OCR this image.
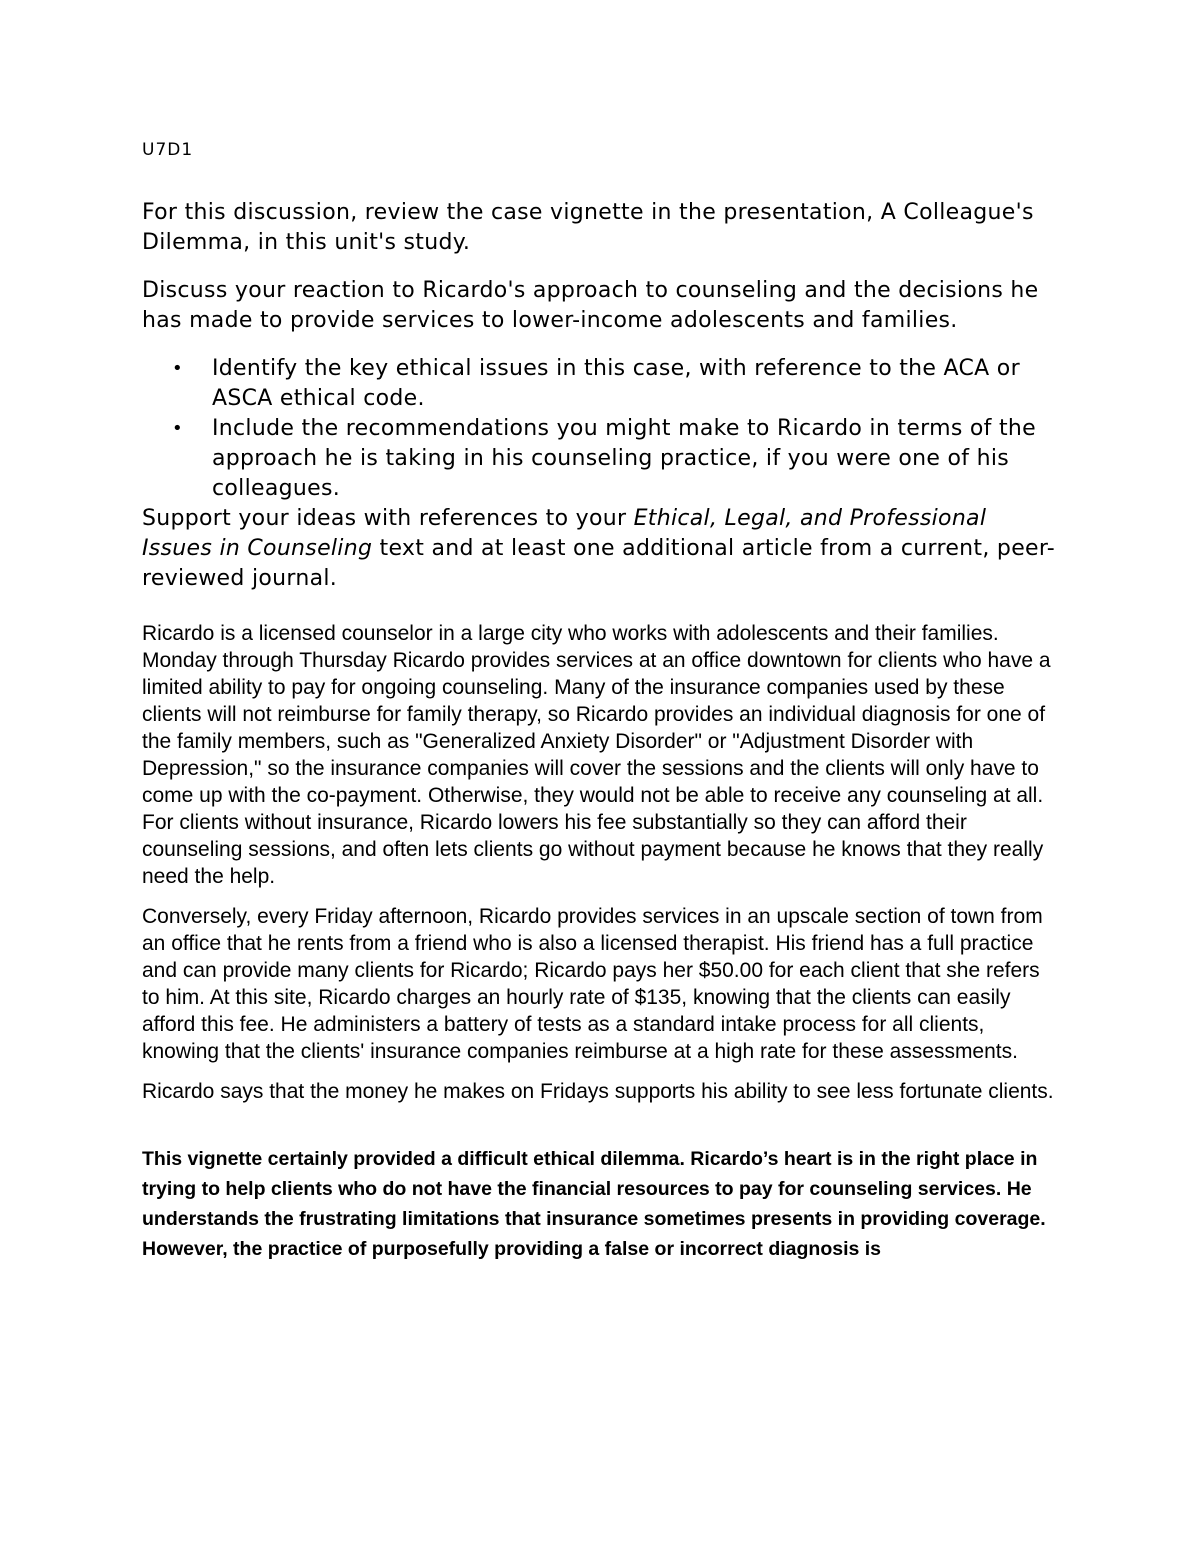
U7D1

For this discussion, review the case vignette in the presentation, A Colleague's Dilemma, in this unit's study.

Discuss your reaction to Ricardo's approach to counseling and the decisions he has made to provide services to lower-income adolescents and families.

• Identify the key ethical issues in this case, with reference to the ACA or ASCA ethical code.
• Include the recommendations you might make to Ricardo in terms of the approach he is taking in his counseling practice, if you were one of his colleagues.

Support your ideas with references to your Ethical, Legal, and Professional Issues in Counseling text and at least one additional article from a current, peer-reviewed journal.

Ricardo is a licensed counselor in a large city who works with adolescents and their families. Monday through Thursday Ricardo provides services at an office downtown for clients who have a limited ability to pay for ongoing counseling. Many of the insurance companies used by these clients will not reimburse for family therapy, so Ricardo provides an individual diagnosis for one of the family members, such as "Generalized Anxiety Disorder" or "Adjustment Disorder with Depression," so the insurance companies will cover the sessions and the clients will only have to come up with the co-payment. Otherwise, they would not be able to receive any counseling at all. For clients without insurance, Ricardo lowers his fee substantially so they can afford their counseling sessions, and often lets clients go without payment because he knows that they really need the help.

Conversely, every Friday afternoon, Ricardo provides services in an upscale section of town from an office that he rents from a friend who is also a licensed therapist. His friend has a full practice and can provide many clients for Ricardo; Ricardo pays her $50.00 for each client that she refers to him. At this site, Ricardo charges an hourly rate of $135, knowing that the clients can easily afford this fee. He administers a battery of tests as a standard intake process for all clients, knowing that the clients' insurance companies reimburse at a high rate for these assessments.

Ricardo says that the money he makes on Fridays supports his ability to see less fortunate clients.

This vignette certainly provided a difficult ethical dilemma. Ricardo’s heart is in the right place in trying to help clients who do not have the financial resources to pay for counseling services. He understands the frustrating limitations that insurance sometimes presents in providing coverage. However, the practice of purposefully providing a false or incorrect diagnosis is
